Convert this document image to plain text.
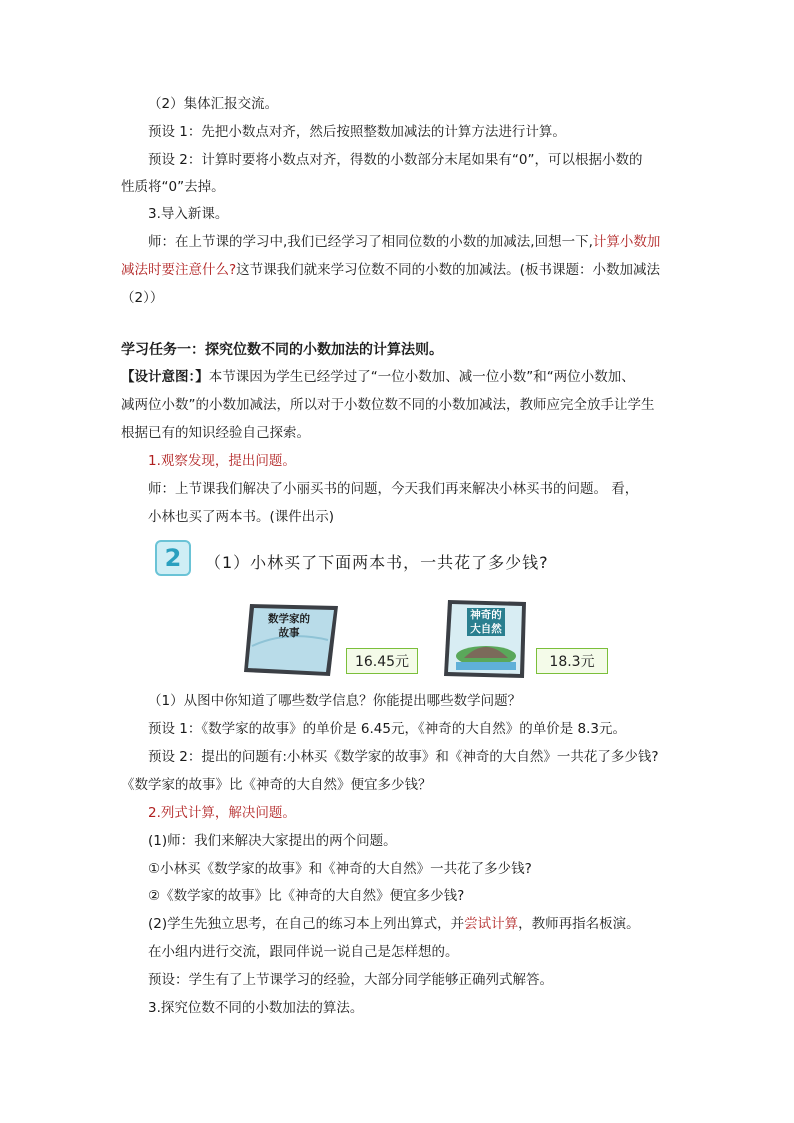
（2）集体汇报交流。
预设 1：先把小数点对齐，然后按照整数加减法的计算方法进行计算。
预设 2：计算时要将小数点对齐，得数的小数部分末尾如果有“0”，可以根据小数的
性质将“0”去掉。
3.导入新课。
师：在上节课的学习中,我们已经学习了相同位数的小数的加减法,回想一下,计算小数加
减法时要注意什么?这节课我们就来学习位数不同的小数的加减法。(板书课题：小数加减法
（2））
学习任务一：探究位数不同的小数加法的计算法则。
【设计意图：】本节课因为学生已经学过了“一位小数加、减一位小数”和“两位小数加、
减两位小数”的小数加减法，所以对于小数位数不同的小数加减法，教师应完全放手让学生
根据已有的知识经验自己探索。
1.观察发现，提出问题。
师：上节课我们解决了小丽买书的问题，今天我们再来解决小林买书的问题。 看，
小林也买了两本书。(课件出示)
2	（1）小林买了下面两本书，一共花了多少钱?
数学家的
故事
16.45元
神奇的
大自然
18.3元
（1）从图中你知道了哪些数学信息？你能提出哪些数学问题？
预设 1：《数学家的故事》的单价是 6.45元，《神奇的大自然》的单价是 8.3元。
预设 2：提出的问题有:小林买《数学家的故事》和《神奇的大自然》一共花了多少钱?
《数学家的故事》比《神奇的大自然》便宜多少钱？
2.列式计算，解决问题。
(1)师：我们来解决大家提出的两个问题。
①小林买《数学家的故事》和《神奇的大自然》一共花了多少钱?
②《数学家的故事》比《神奇的大自然》便宜多少钱?
(2)学生先独立思考，在自己的练习本上列出算式，并尝试计算，教师再指名板演。
在小组内进行交流，跟同伴说一说自己是怎样想的。
预设：学生有了上节课学习的经验，大部分同学能够正确列式解答。
3.探究位数不同的小数加法的算法。
